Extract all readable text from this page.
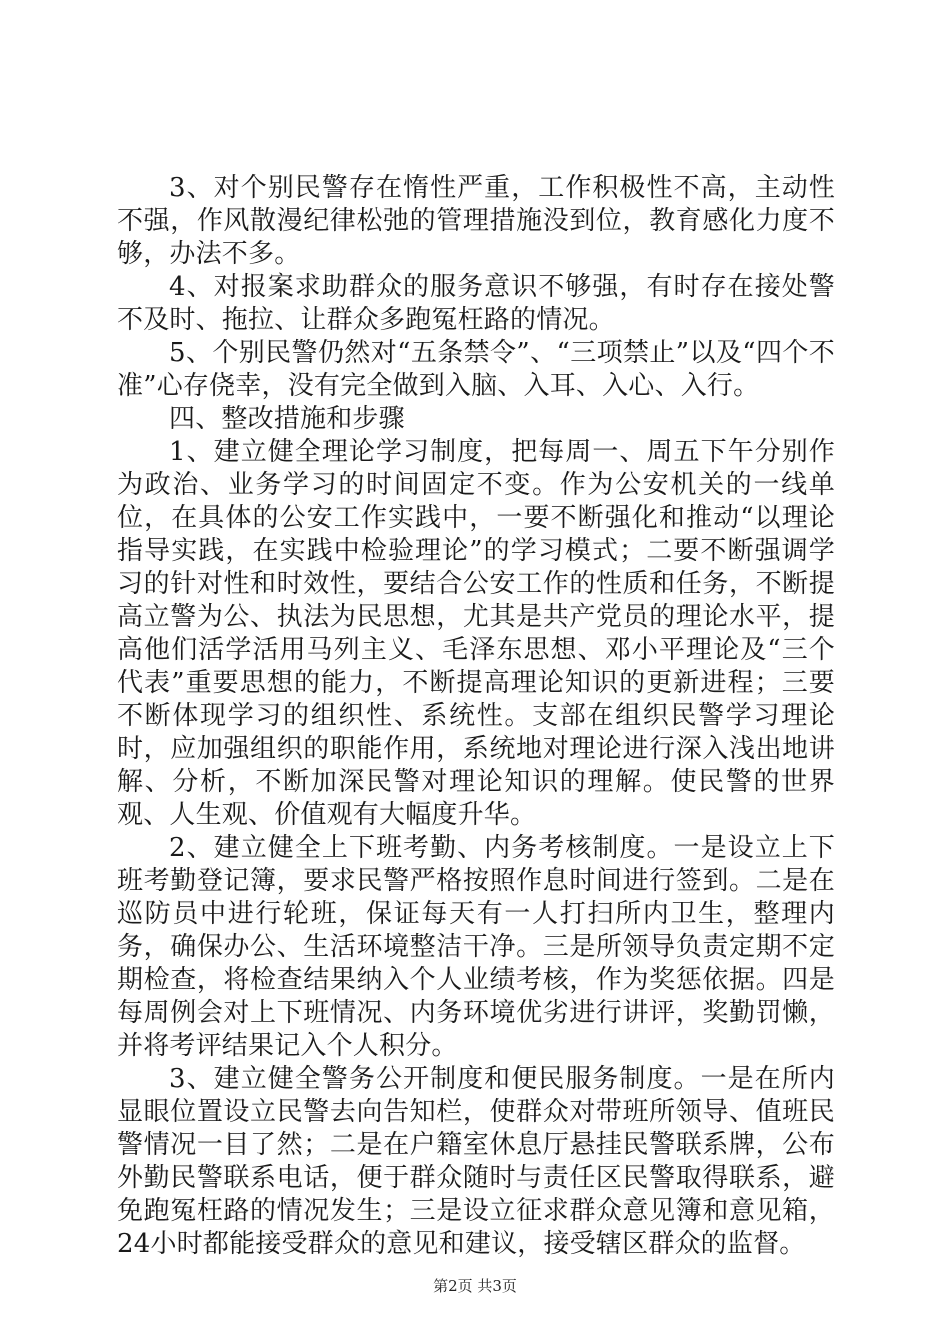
3、对个别民警存在惰性严重，工作积极性不高，主动性不强，作风散漫纪律松弛的管理措施没到位，教育感化力度不够，办法不多。

4、对报案求助群众的服务意识不够强，有时存在接处警不及时、拖拉、让群众多跑冤枉路的情况。

5、个别民警仍然对“五条禁令”、“三项禁止”以及“四个不准”心存侥幸，没有完全做到入脑、入耳、入心、入行。

四、整改措施和步骤

1、建立健全理论学习制度，把每周一、周五下午分别作为政治、业务学习的时间固定不变。作为公安机关的一线单位，在具体的公安工作实践中，一要不断强化和推动“以理论指导实践，在实践中检验理论”的学习模式；二要不断强调学习的针对性和时效性，要结合公安工作的性质和任务，不断提高立警为公、执法为民思想，尤其是共产党员的理论水平，提高他们活学活用马列主义、毛泽东思想、邓小平理论及“三个代表”重要思想的能力，不断提高理论知识的更新进程；三要不断体现学习的组织性、系统性。支部在组织民警学习理论时，应加强组织的职能作用，系统地对理论进行深入浅出地讲解、分析，不断加深民警对理论知识的理解。使民警的世界观、人生观、价值观有大幅度升华。

2、建立健全上下班考勤、内务考核制度。一是设立上下班考勤登记簿，要求民警严格按照作息时间进行签到。二是在巡防员中进行轮班，保证每天有一人打扫所内卫生，整理内务，确保办公、生活环境整洁干净。三是所领导负责定期不定期检查，将检查结果纳入个人业绩考核，作为奖惩依据。四是每周例会对上下班情况、内务环境优劣进行讲评，奖勤罚懒，并将考评结果记入个人积分。

3、建立健全警务公开制度和便民服务制度。一是在所内显眼位置设立民警去向告知栏，使群众对带班所领导、值班民警情况一目了然；二是在户籍室休息厅悬挂民警联系牌，公布外勤民警联系电话，便于群众随时与责任区民警取得联系，避免跑冤枉路的情况发生；三是设立征求群众意见簿和意见箱，24小时都能接受群众的意见和建议，接受辖区群众的监督。

第2页 共3页
